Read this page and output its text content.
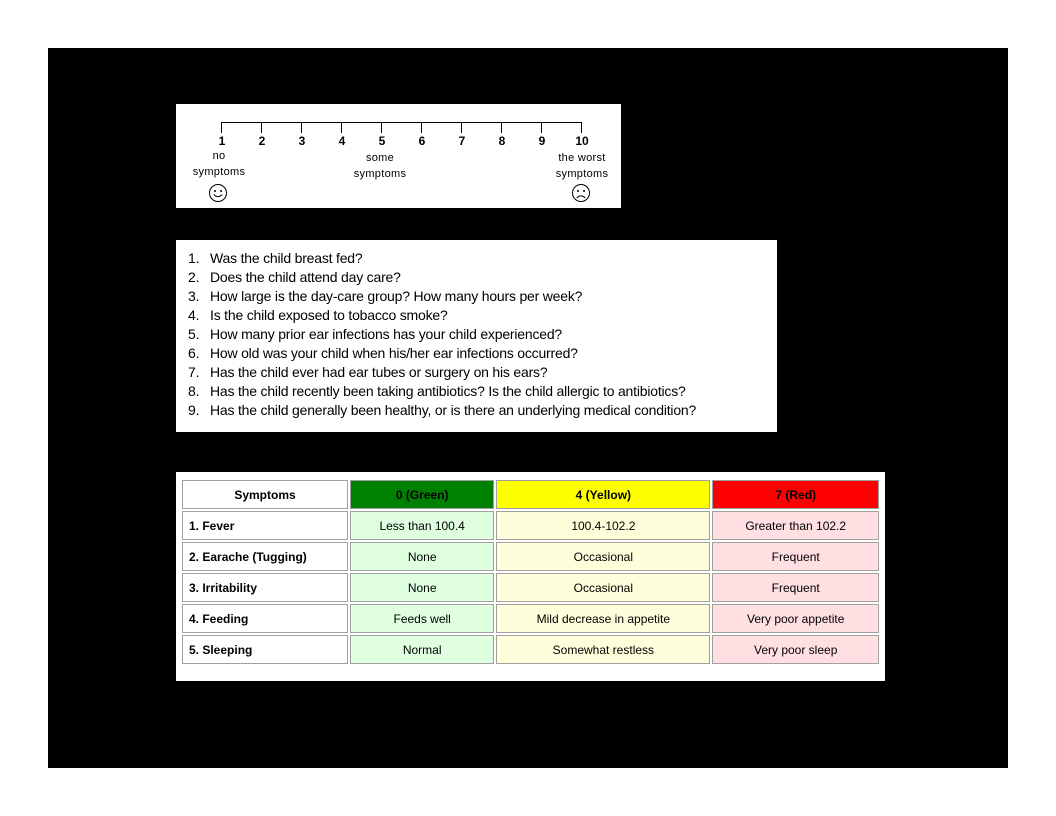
1	2	3	4	5	6	7	8	9	10
no
symptoms
some
symptoms
the worst
symptoms
1. Was the child breast fed?
2. Does the child attend day care?
3. How large is the day-care group? How many hours per week?
4. Is the child exposed to tobacco smoke?
5. How many prior ear infections has your child experienced?
6. How old was your child when his/her ear infections occurred?
7. Has the child ever had ear tubes or surgery on his ears?
8. Has the child recently been taking antibiotics? Is the child allergic to antibiotics?
9. Has the child generally been healthy, or is there an underlying medical condition?
Symptoms	0 (Green)	4 (Yellow)	7 (Red)
1. Fever	Less than 100.4	100.4-102.2	Greater than 102.2
2. Earache (Tugging)	None	Occasional	Frequent
3. Irritability	None	Occasional	Frequent
4. Feeding	Feeds well	Mild decrease in appetite	Very poor appetite
5. Sleeping	Normal	Somewhat restless	Very poor sleep
